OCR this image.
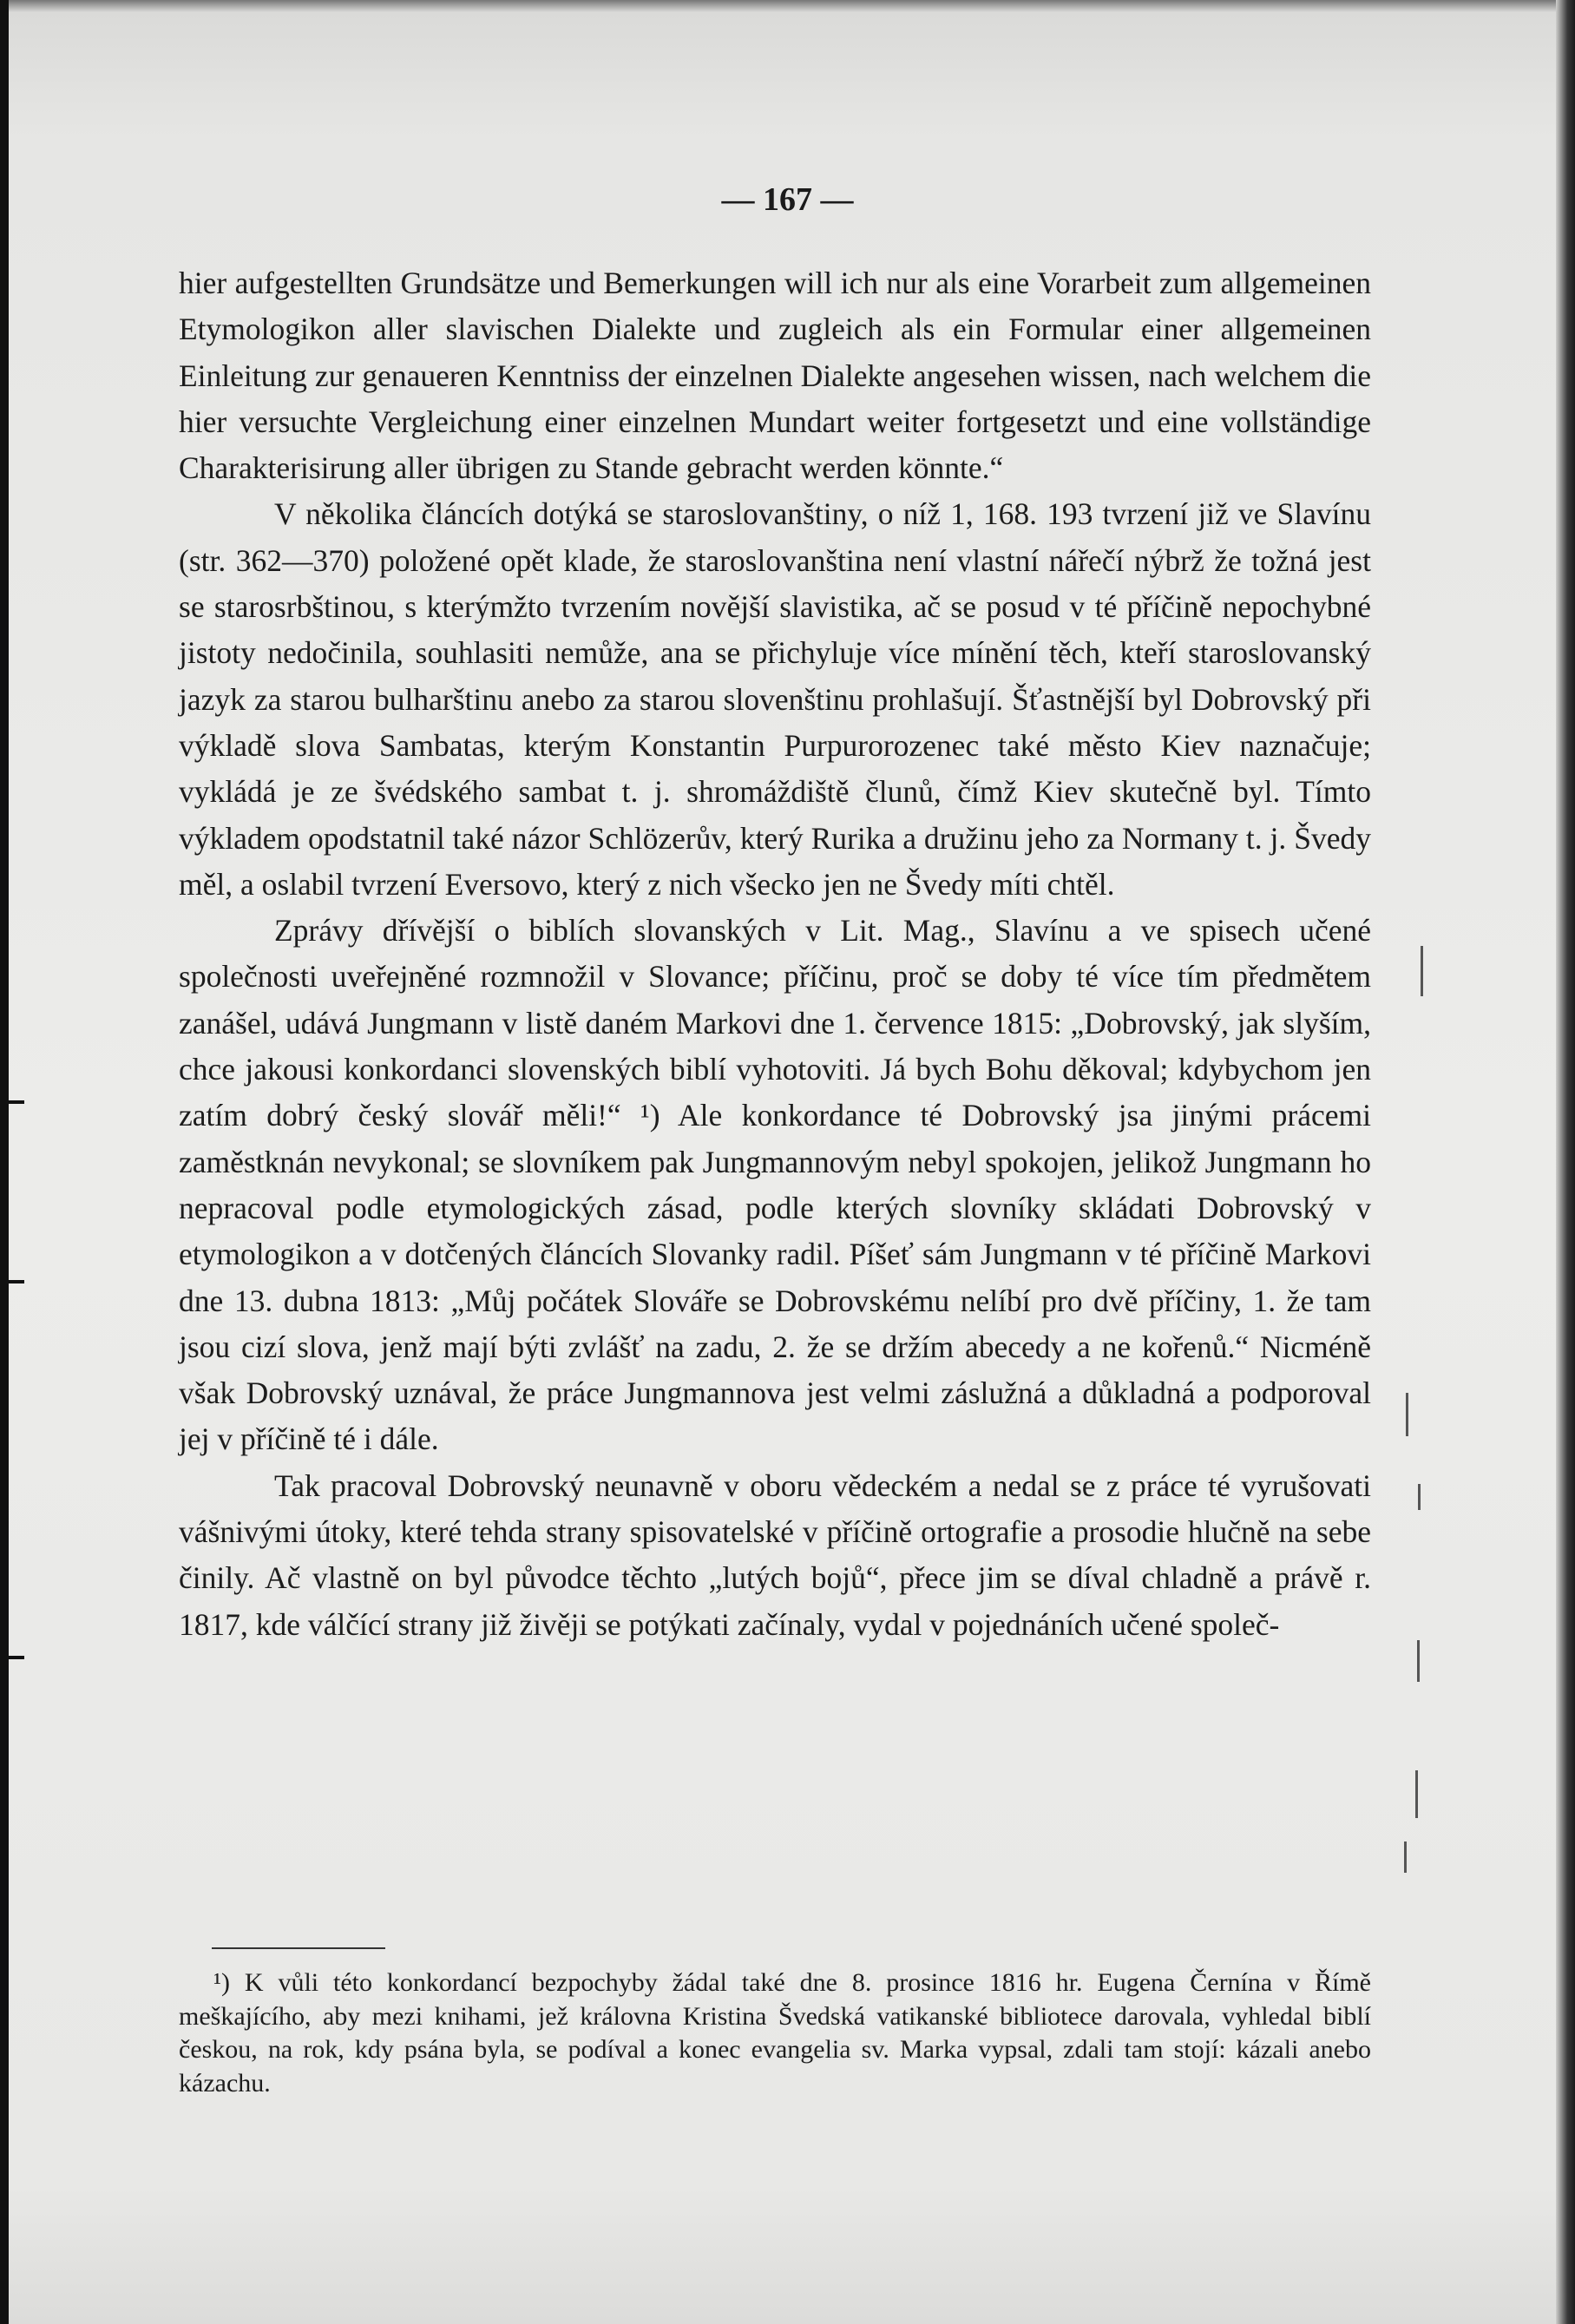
— 167 —

hier aufgestellten Grundsätze und Bemerkungen will ich nur als eine Vorarbeit zum allgemeinen Etymologikon aller slavischen Dialekte und zugleich als ein Formular einer allgemeinen Einleitung zur genaueren Kenntniss der einzelnen Dialekte angesehen wissen, nach welchem die hier versuchte Vergleichung einer einzelnen Mundart weiter fortgesetzt und eine vollständige Charakterisirung aller übrigen zu Stande gebracht werden könnte.“

V několika článcích dotýká se staroslovanštiny, o níž 1, 168. 193 tvrzení již ve Slavínu (str. 362—370) položené opět klade, že staroslovanština není vlastní nářečí nýbrž že tožná jest se starosrbštinou, s kterýmžto tvrzením novější slavistika, ač se posud v té příčině nepochybné jistoty nedočinila, souhlasiti nemůže, ana se přichyluje více mínění těch, kteří staroslovanský jazyk za starou bulharštinu anebo za starou slovenštinu prohlašují. Šťastnější byl Dobrovský při výkladě slova Sambatas, kterým Konstantin Purpurorozenec také město Kiev naznačuje; vykládá je ze švédského sambat t. j. shromáždiště člunů, čímž Kiev skutečně byl. Tímto výkladem opodstatnil také názor Schlözerův, který Rurika a družinu jeho za Normany t. j. Švedy měl, a oslabil tvrzení Eversovo, který z nich všecko jen ne Švedy míti chtěl.

Zprávy dřívější o biblích slovanských v Lit. Mag., Slavínu a ve spisech učené společnosti uveřejněné rozmnožil v Slovance; příčinu, proč se doby té více tím předmětem zanášel, udává Jungmann v listě daném Markovi dne 1. července 1815: „Dobrovský, jak slyším, chce jakousi konkordanci slovenských biblí vyhotoviti. Já bych Bohu děkoval; kdybychom jen zatím dobrý český slovář měli!“ ¹) Ale konkordance té Dobrovský jsa jinými prácemi zaměstknán nevykonal; se slovníkem pak Jungmannovým nebyl spokojen, jelikož Jungmann ho nepracoval podle etymologických zásad, podle kterých slovníky skládati Dobrovský v etymologikon a v dotčených článcích Slovanky radil. Píšeť sám Jungmann v té příčině Markovi dne 13. dubna 1813: „Můj počátek Slováře se Dobrovskému nelíbí pro dvě příčiny, 1. že tam jsou cizí slova, jenž mají býti zvlášť na zadu, 2. že se držím abecedy a ne kořenů.“ Nicméně však Dobrovský uznával, že práce Jungmannova jest velmi záslužná a důkladná a podporoval jej v příčině té i dále.

Tak pracoval Dobrovský neunavně v oboru vědeckém a nedal se z práce té vyrušovati vášnivými útoky, které tehda strany spisovatelské v příčině ortografie a prosodie hlučně na sebe činily. Ač vlastně on byl původce těchto „lutých bojů“, přece jim se díval chladně a právě r. 1817, kde válčící strany již živěji se potýkati začínaly, vydal v pojednáních učené společ-

¹) K vůli této konkordancí bezpochyby žádal také dne 8. prosince 1816 hr. Eugena Černína v Římě meškajícího, aby mezi knihami, jež královna Kristina Švedská vatikanské bibliotece darovala, vyhledal biblí českou, na rok, kdy psána byla, se podíval a konec evangelia sv. Marka vypsal, zdali tam stojí: kázali anebo kázachu.
